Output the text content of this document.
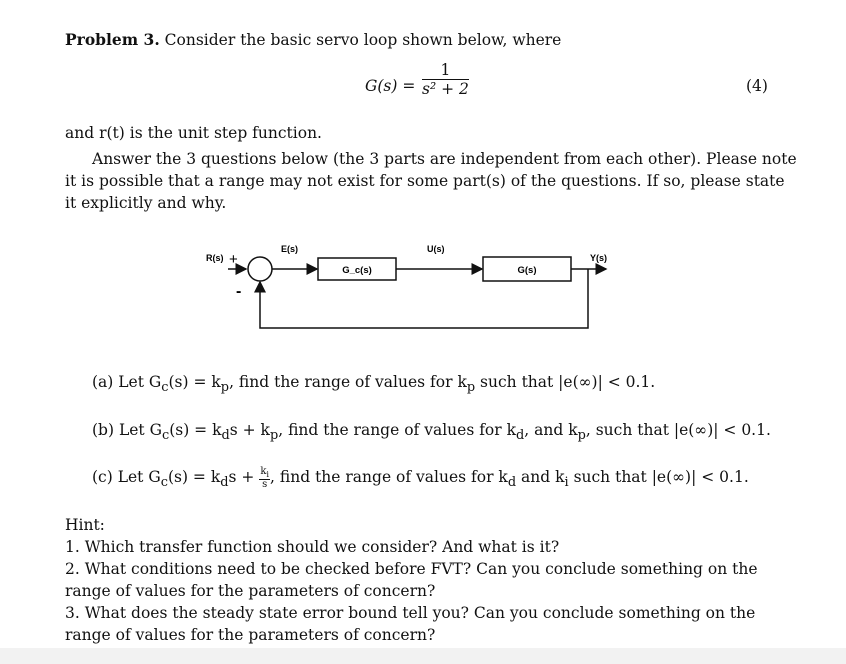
Problem 3. Consider the basic servo loop shown below, where
$G(s) = \frac{1}{\text{s² + 2}}$	(4)
and r(t) is the unit step function.
Answer the 3 questions below (the 3 parts are independent from each other). Please note
it is possible that a range may not exist for some part(s) of the questions. If so, please state
it explicitly and why.
R(s) +
-
E(s)
G_c(s)
U(s)
G(s)
Y(s)
(a) Let $G_c(s) = k_p$, find the range of values for $k_p$ such that |e(∞)| < 0.1.
(b) Let $G_c(s) = k_ds + k_p$, find the range of values for $k_d$, and $k_p$, such that |e(∞)| < 0.1.
(c) Let $G_c(s) = k_ds + \frac{k_i}{s}$ , find the range of values for $k_d$ and $k_i$ such that |e(∞)| < 0.1.
Hint:
1. Which transfer function should we consider? And what is it?
2. What conditions need to be checked before FVT? Can you conclude something on the
range of values for the parameters of concern?
3. What does the steady state error bound tell you? Can you conclude something on the
range of values for the parameters of concern?
